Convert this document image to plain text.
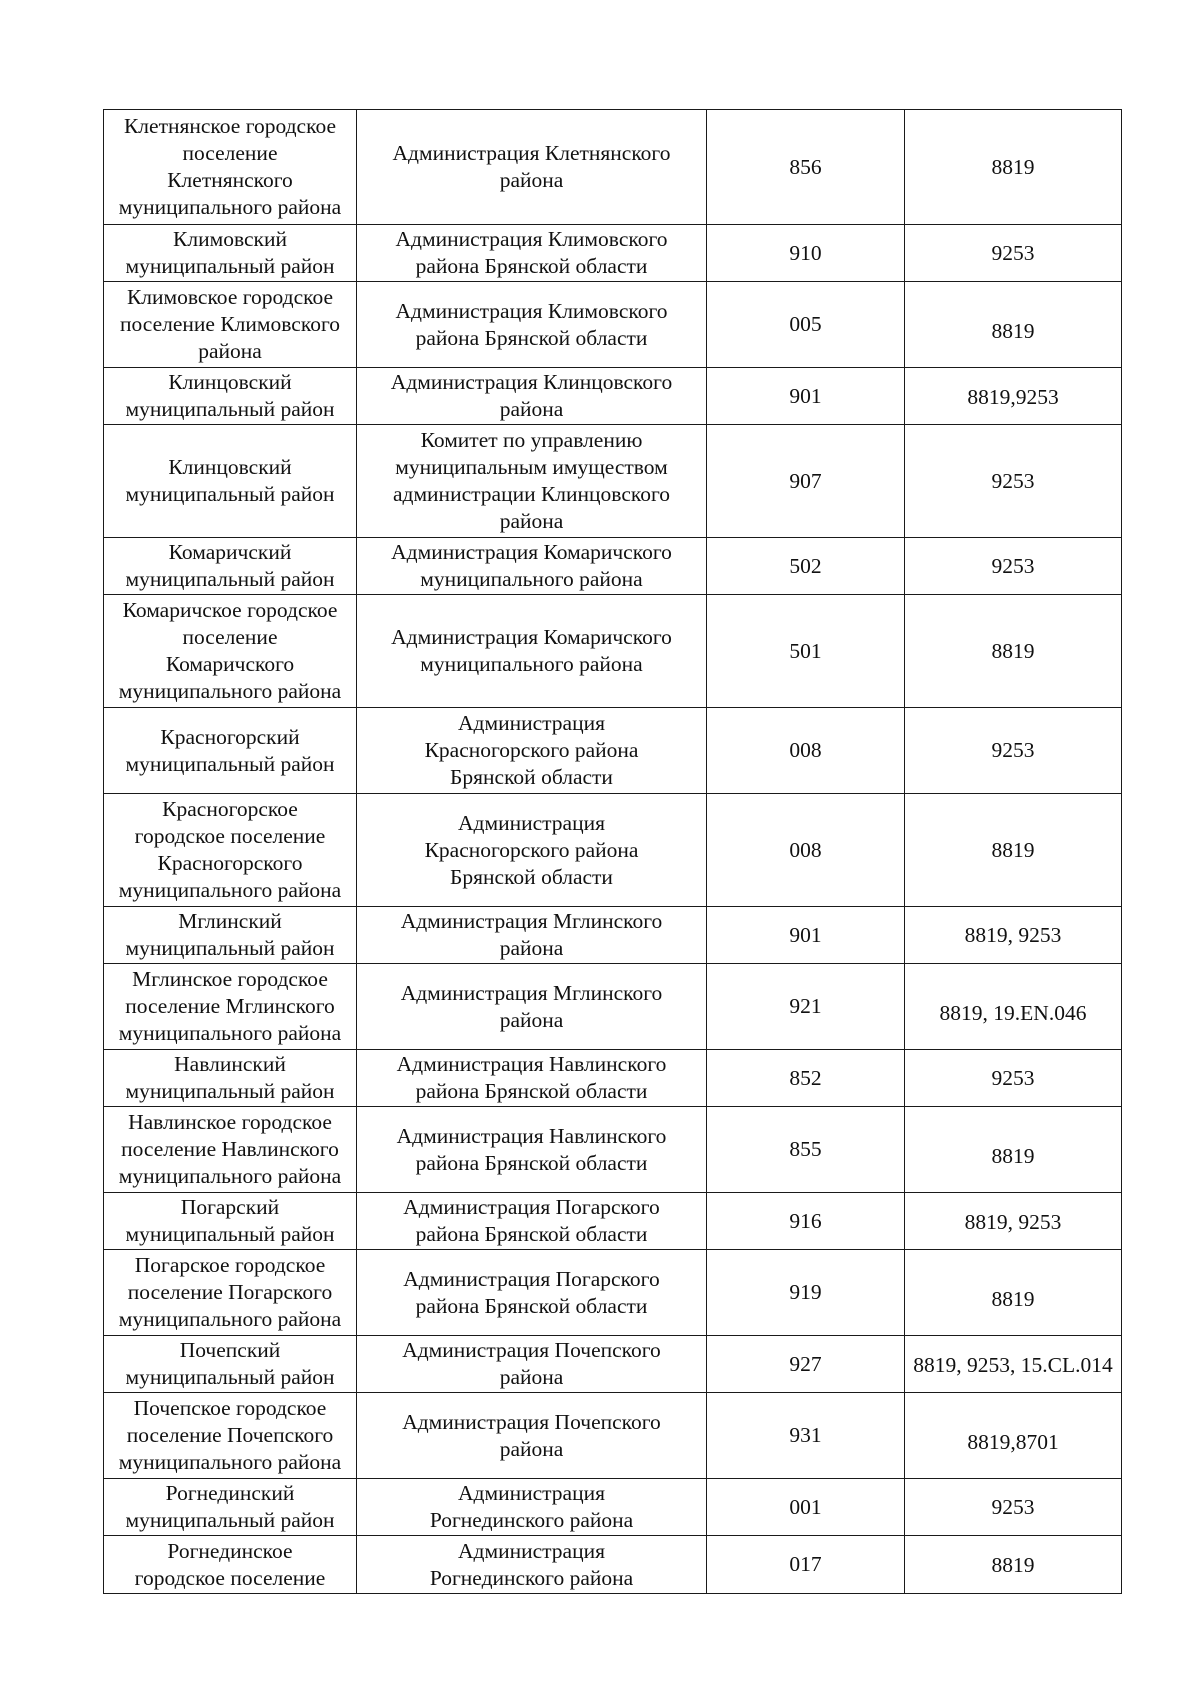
Клетнянское городское
поселение
Клетнянского
муниципального района	Администрация Клетнянского
района	856	8819
Климовский
муниципальный район	Администрация Климовского
района Брянской области	910	9253
Климовское городское
поселение Климовского
района	Администрация Климовского
района Брянской области	005	8819
Клинцовский
муниципальный район	Администрация Клинцовского
района	901	8819,9253
Клинцовский
муниципальный район	Комитет по управлению
муниципальным имуществом
администрации Клинцовского
района	907	9253
Комаричский
муниципальный район	Администрация Комаричского
муниципального района	502	9253
Комаричское городское
поселение
Комаричского
муниципального района	Администрация Комаричского
муниципального района	501	8819
Красногорский
муниципальный район	Администрация
Красногорского района
Брянской области	008	9253
Красногорское
городское поселение
Красногорского
муниципального района	Администрация
Красногорского района
Брянской области	008	8819
Мглинский
муниципальный район	Администрация Мглинского
района	901	8819, 9253
Мглинское городское
поселение Мглинского
муниципального района	Администрация Мглинского
района	921	8819, 19.EN.046
Навлинский
муниципальный район	Администрация Навлинского
района Брянской области	852	9253
Навлинское городское
поселение Навлинского
муниципального района	Администрация Навлинского
района Брянской области	855	8819
Погарский
муниципальный район	Администрация Погарского
района Брянской области	916	8819, 9253
Погарское городское
поселение Погарского
муниципального района	Администрация Погарского
района Брянской области	919	8819
Почепский
муниципальный район	Администрация Почепского
района	927	8819, 9253, 15.CL.014
Почепское городское
поселение Почепского
муниципального района	Администрация Почепского
района	931	8819,8701
Рогнединский
муниципальный район	Администрация
Рогнединского района	001	9253
Рогнединское
городское поселение	Администрация
Рогнединского района	017	8819
